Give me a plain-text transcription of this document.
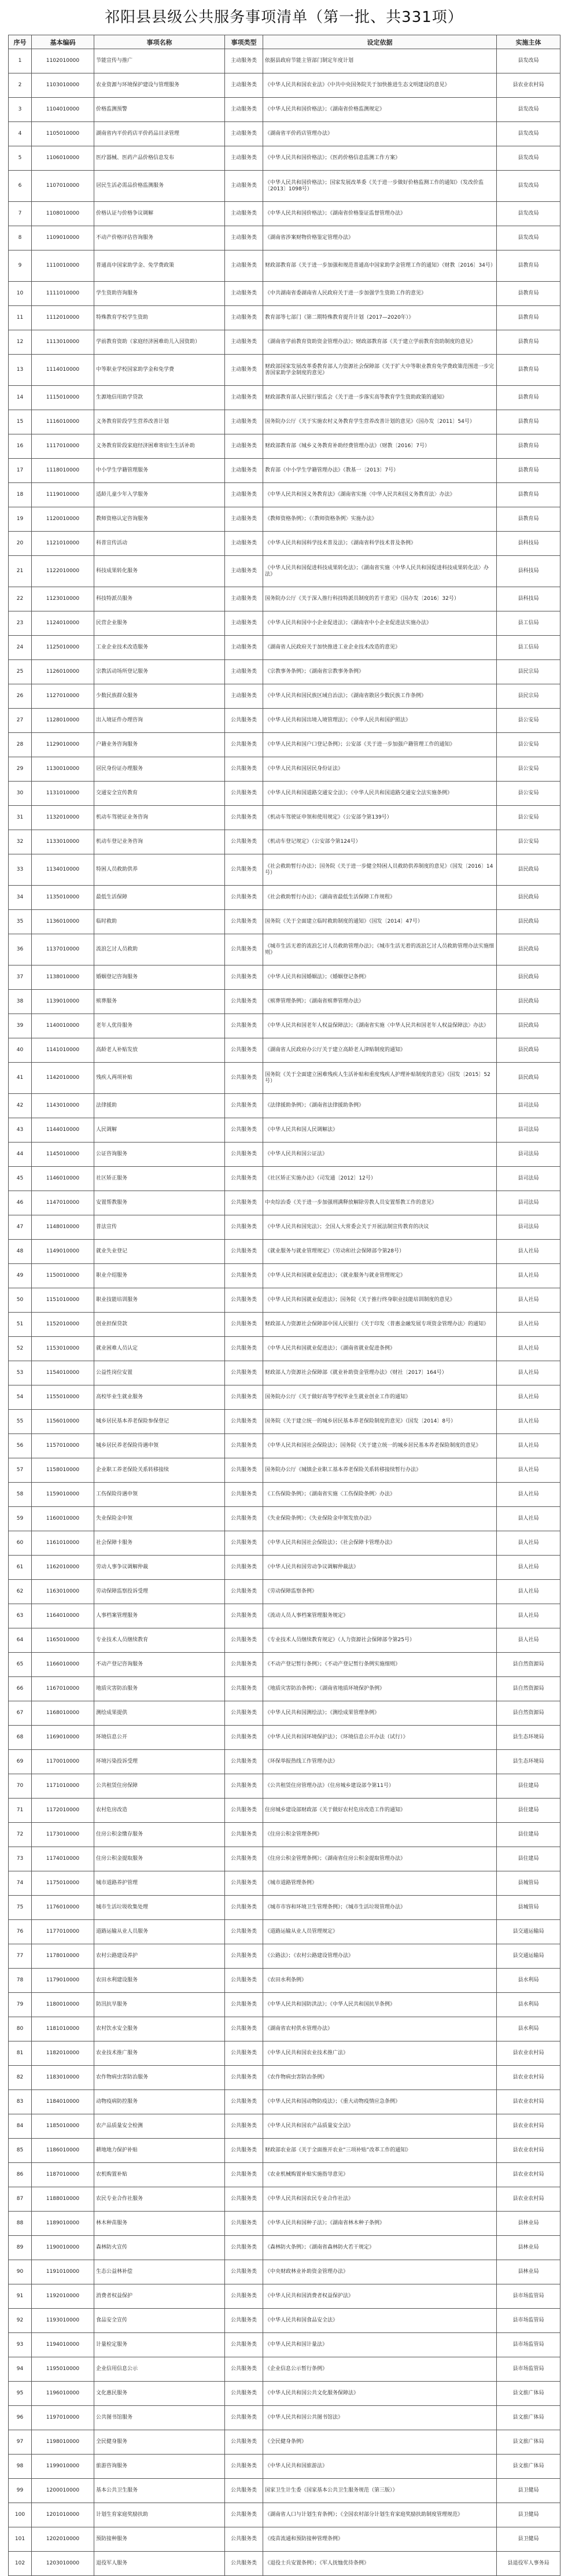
祁阳县县级公共服务事项清单（第一批、共331项）
序号	基本编码	事项名称	事项类型	设定依据	实施主体
1	1102010000	节能宣传与推广	主动服务类	依据县政府节能主管部门制定年度计划	县发改局
2	1103010000	农业资源与环境保护建设与管理服务	主动服务类	《中华人民共和国农业法》《中共中央国务院关于加快推进生态文明建设的意见》	县农业农村局
3	1104010000	价格监测预警	主动服务类	《中华人民共和国价格法》；《湖南省价格监测规定》	县发改局
4	1105010000	湖南省内平价药店平价药品目录管理	主动服务类	《湖南省平价药店管理办法》	县发改局
5	1106010000	医疗器械、医药产品价格信息发布	主动服务类	《中华人民共和国价格法》；《医药价格信息监测工作方案》	县发改局
6	1107010000	居民生活必需品价格监测服务	主动服务类	《中华人民共和国价格法》；国家发展改革委《关于进一步做好价格监测工作的通知》（发改价监〔2013〕1098号）	县发改局
7	1108010000	价格认证与价格争议调解	主动服务类	《中华人民共和国价格法》；《湖南省价格鉴证监督管理办法》	县发改局
8	1109010000	不动产价格评估咨询服务	主动服务类	《湖南省涉案财物价格鉴定管理办法》	县发改局
9	1110010000	普通高中国家助学金、免学费政策	主动服务类	财政部教育部《关于进一步加强和规范普通高中国家助学金管理工作的通知》（财教〔2016〕34号）	县教育局
10	1111010000	学生资助咨询服务	主动服务类	《中共湖南省委湖南省人民政府关于进一步加强学生资助工作的意见》	县教育局
11	1112010000	特殊教育学校学生资助	主动服务类	教育部等七部门《第二期特殊教育提升计划（2017—2020年）》	县教育局
12	1113010000	学前教育资助（家庭经济困难幼儿入园资助）	主动服务类	《湖南省学前教育资助资金管理办法》；财政部教育部《关于建立学前教育资助制度的意见》	县教育局
13	1114010000	中等职业学校国家助学金和免学费	主动服务类	财政部国家发展改革委教育部人力资源社会保障部《关于扩大中等职业教育免学费政策范围进一步完善国家助学金制度的意见》	县教育局
14	1115010000	生源地信用助学贷款	主动服务类	财政部教育部人民银行银监会《关于进一步落实高等教育学生资助政策的通知》	县教育局
15	1116010000	义务教育阶段学生营养改善计划	主动服务类	国务院办公厅《关于实施农村义务教育学生营养改善计划的意见》（国办发〔2011〕54号）	县教育局
16	1117010000	义务教育阶段家庭经济困难寄宿生生活补助	主动服务类	财政部教育部《城乡义务教育补助经费管理办法》（财教〔2016〕7号）	县教育局
17	1118010000	中小学生学籍管理服务	主动服务类	教育部《中小学生学籍管理办法》（教基一〔2013〕7号）	县教育局
18	1119010000	适龄儿童少年入学服务	主动服务类	《中华人民共和国义务教育法》《湖南省实施〈中华人民共和国义务教育法〉办法》	县教育局
19	1120010000	教师资格认定咨询服务	主动服务类	《教师资格条例》；《〈教师资格条例〉实施办法》	县教育局
20	1121010000	科普宣传活动	主动服务类	《中华人民共和国科学技术普及法》；《湖南省科学技术普及条例》	县科技局
21	1122010000	科技成果转化服务	主动服务类	《中华人民共和国促进科技成果转化法》；《湖南省实施〈中华人民共和国促进科技成果转化法〉办法》	县科技局
22	1123010000	科技特派员服务	主动服务类	国务院办公厅《关于深入推行科技特派员制度的若干意见》（国办发〔2016〕32号）	县科技局
23	1124010000	民营企业服务	主动服务类	《中华人民共和国中小企业促进法》；《湖南省中小企业促进法实施办法》	县工信局
24	1125010000	工业企业技术改造服务	主动服务类	《湖南省人民政府关于加快推进工业企业技术改造的意见》	县工信局
25	1126010000	宗教活动场所登记服务	主动服务类	《宗教事务条例》；《湖南省宗教事务条例》	县民宗局
26	1127010000	少数民族群众服务	主动服务类	《中华人民共和国民族区域自治法》；《湖南省散居少数民族工作条例》	县民宗局
27	1128010000	出入境证件办理咨询	公共服务类	《中华人民共和国出境入境管理法》；《中华人民共和国护照法》	县公安局
28	1129010000	户籍业务咨询服务	公共服务类	《中华人民共和国户口登记条例》；公安部《关于进一步加强户籍管理工作的通知》	县公安局
29	1130010000	居民身份证办理服务	公共服务类	《中华人民共和国居民身份证法》	县公安局
30	1131010000	交通安全宣传教育	公共服务类	《中华人民共和国道路交通安全法》；《中华人民共和国道路交通安全法实施条例》	县公安局
31	1132010000	机动车驾驶证业务咨询	公共服务类	《机动车驾驶证申领和使用规定》（公安部令第139号）	县公安局
32	1133010000	机动车登记业务咨询	公共服务类	《机动车登记规定》（公安部令第124号）	县公安局
33	1134010000	特困人员救助供养	公共服务类	《社会救助暂行办法》；国务院《关于进一步健全特困人员救助供养制度的意见》（国发〔2016〕14号）	县民政局
34	1135010000	最低生活保障	公共服务类	《社会救助暂行办法》；《湖南省最低生活保障工作规程》	县民政局
35	1136010000	临时救助	公共服务类	国务院《关于全面建立临时救助制度的通知》（国发〔2014〕47号）	县民政局
36	1137010000	流浪乞讨人员救助	公共服务类	《城市生活无着的流浪乞讨人员救助管理办法》；《城市生活无着的流浪乞讨人员救助管理办法实施细则》	县民政局
37	1138010000	婚姻登记咨询服务	公共服务类	《中华人民共和国婚姻法》；《婚姻登记条例》	县民政局
38	1139010000	殡葬服务	公共服务类	《殡葬管理条例》；《湖南省殡葬管理办法》	县民政局
39	1140010000	老年人优待服务	公共服务类	《中华人民共和国老年人权益保障法》；《湖南省实施〈中华人民共和国老年人权益保障法〉办法》	县民政局
40	1141010000	高龄老人补贴发放	公共服务类	《湖南省人民政府办公厅关于建立高龄老人津贴制度的通知》	县民政局
41	1142010000	残疾人两项补贴	公共服务类	国务院《关于全面建立困难残疾人生活补贴和重度残疾人护理补贴制度的意见》（国发〔2015〕52号）	县民政局
42	1143010000	法律援助	公共服务类	《法律援助条例》；《湖南省法律援助条例》	县司法局
43	1144010000	人民调解	公共服务类	《中华人民共和国人民调解法》	县司法局
44	1145010000	公证咨询服务	公共服务类	《中华人民共和国公证法》	县司法局
45	1146010000	社区矫正服务	公共服务类	《社区矫正实施办法》（司发通〔2012〕12号）	县司法局
46	1147010000	安置帮教服务	公共服务类	中央综治委《关于进一步加强刑满释放解除劳教人员安置帮教工作的意见》	县司法局
47	1148010000	普法宣传	公共服务类	《中华人民共和国宪法》；全国人大常委会关于开展法制宣传教育的决议	县司法局
48	1149010000	就业失业登记	公共服务类	《就业服务与就业管理规定》（劳动和社会保障部令第28号）	县人社局
49	1150010000	职业介绍服务	公共服务类	《中华人民共和国就业促进法》；《就业服务与就业管理规定》	县人社局
50	1151010000	职业技能培训服务	公共服务类	《中华人民共和国就业促进法》；国务院《关于推行终身职业技能培训制度的意见》	县人社局
51	1152010000	创业担保贷款	公共服务类	财政部人力资源社会保障部中国人民银行《关于印发〈普惠金融发展专项资金管理办法〉的通知》	县人社局
52	1153010000	就业困难人员认定	公共服务类	《中华人民共和国就业促进法》；《湖南省就业促进条例》	县人社局
53	1154010000	公益性岗位安置	公共服务类	财政部人力资源社会保障部《就业补助资金管理办法》（财社〔2017〕164号）	县人社局
54	1155010000	高校毕业生就业服务	公共服务类	国务院办公厅《关于做好高等学校毕业生就业创业工作的通知》	县人社局
55	1156010000	城乡居民基本养老保险参保登记	公共服务类	国务院《关于建立统一的城乡居民基本养老保险制度的意见》（国发〔2014〕8号）	县人社局
56	1157010000	城乡居民养老保险待遇申领	公共服务类	《中华人民共和国社会保险法》；国务院《关于建立统一的城乡居民基本养老保险制度的意见》	县人社局
57	1158010000	企业职工养老保险关系转移接续	公共服务类	国务院办公厅《城镇企业职工基本养老保险关系转移接续暂行办法》	县人社局
58	1159010000	工伤保险待遇申领	公共服务类	《工伤保险条例》；《湖南省实施〈工伤保险条例〉办法》	县人社局
59	1160010000	失业保险金申领	公共服务类	《失业保险条例》；《失业保险金申领发放办法》	县人社局
60	1161010000	社会保障卡服务	公共服务类	《中华人民共和国社会保险法》；《社会保障卡管理办法》	县人社局
61	1162010000	劳动人事争议调解仲裁	公共服务类	《中华人民共和国劳动争议调解仲裁法》	县人社局
62	1163010000	劳动保障监察投诉受理	公共服务类	《劳动保障监察条例》	县人社局
63	1164010000	人事档案管理服务	公共服务类	《流动人员人事档案管理服务规定》	县人社局
64	1165010000	专业技术人员继续教育	公共服务类	《专业技术人员继续教育规定》（人力资源社会保障部令第25号）	县人社局
65	1166010000	不动产登记咨询服务	公共服务类	《不动产登记暂行条例》；《不动产登记暂行条例实施细则》	县自然资源局
66	1167010000	地质灾害防治服务	公共服务类	《地质灾害防治条例》；《湖南省地质环境保护条例》	县自然资源局
67	1168010000	测绘成果提供	公共服务类	《中华人民共和国测绘法》；《测绘成果管理条例》	县自然资源局
68	1169010000	环境信息公开	公共服务类	《中华人民共和国环境保护法》；《环境信息公开办法（试行）》	县生态环境局
69	1170010000	环境污染投诉受理	公共服务类	《环保举报热线工作管理办法》	县生态环境局
70	1171010000	公共租赁住房保障	公共服务类	《公共租赁住房管理办法》（住房城乡建设部令第11号）	县住建局
71	1172010000	农村危房改造	公共服务类	住房城乡建设部财政部《关于做好农村危房改造工作的通知》	县住建局
72	1173010000	住房公积金缴存服务	公共服务类	《住房公积金管理条例》	县住建局
73	1174010000	住房公积金提取服务	公共服务类	《住房公积金管理条例》；《湖南省住房公积金提取管理办法》	县住建局
74	1175010000	城市道路养护管理	公共服务类	《城市道路管理条例》	县城管局
75	1176010000	城市生活垃圾收集处理	公共服务类	《城市市容和环境卫生管理条例》；《城市生活垃圾管理办法》	县城管局
76	1177010000	道路运输从业人员服务	公共服务类	《道路运输从业人员管理规定》	县交通运输局
77	1178010000	农村公路建设养护	公共服务类	《公路法》；《农村公路建设管理办法》	县交通运输局
78	1179010000	农田水利建设服务	公共服务类	《农田水利条例》	县水利局
79	1180010000	防汛抗旱服务	公共服务类	《中华人民共和国防洪法》；《中华人民共和国抗旱条例》	县水利局
80	1181010000	农村饮水安全服务	公共服务类	《湖南省农村供水管理办法》	县水利局
81	1182010000	农业技术推广服务	公共服务类	《中华人民共和国农业技术推广法》	县农业农村局
82	1183010000	农作物病虫害防治服务	公共服务类	《农作物病虫害防治条例》	县农业农村局
83	1184010000	动物疫病防控服务	公共服务类	《中华人民共和国动物防疫法》；《重大动物疫情应急条例》	县农业农村局
84	1185010000	农产品质量安全检测	公共服务类	《中华人民共和国农产品质量安全法》	县农业农村局
85	1186010000	耕地地力保护补贴	公共服务类	财政部农业部《关于全面推开农业“三项补贴”改革工作的通知》	县农业农村局
86	1187010000	农机购置补贴	公共服务类	《农业机械购置补贴实施指导意见》	县农业农村局
87	1188010000	农民专业合作社服务	公共服务类	《中华人民共和国农民专业合作社法》	县农业农村局
88	1189010000	林木种苗服务	公共服务类	《中华人民共和国种子法》；《湖南省林木种子条例》	县林业局
89	1190010000	森林防火宣传	公共服务类	《森林防火条例》；《湖南省森林防火若干规定》	县林业局
90	1191010000	生态公益林补偿	公共服务类	《中央财政林业补助资金管理办法》	县林业局
91	1192010000	消费者权益保护	公共服务类	《中华人民共和国消费者权益保护法》	县市场监管局
92	1193010000	食品安全宣传	公共服务类	《中华人民共和国食品安全法》	县市场监管局
93	1194010000	计量检定服务	公共服务类	《中华人民共和国计量法》	县市场监管局
94	1195010000	企业信用信息公示	公共服务类	《企业信息公示暂行条例》	县市场监管局
95	1196010000	文化惠民服务	公共服务类	《中华人民共和国公共文化服务保障法》	县文旅广体局
96	1197010000	公共图书馆服务	公共服务类	《中华人民共和国公共图书馆法》	县文旅广体局
97	1198010000	全民健身服务	公共服务类	《全民健身条例》	县文旅广体局
98	1199010000	旅游咨询服务	公共服务类	《中华人民共和国旅游法》	县文旅广体局
99	1200010000	基本公共卫生服务	公共服务类	国家卫生计生委《国家基本公共卫生服务规范（第三版）》	县卫健局
100	1201010000	计划生育家庭奖励扶助	公共服务类	《湖南省人口与计划生育条例》；《全国农村部分计划生育家庭奖励扶助制度管理规范》	县卫健局
101	1202010000	预防接种服务	公共服务类	《疫苗流通和预防接种管理条例》	县卫健局
102	1203010000	退役军人服务	公共服务类	《退役士兵安置条例》；《军人抚恤优待条例》	县退役军人事务局
